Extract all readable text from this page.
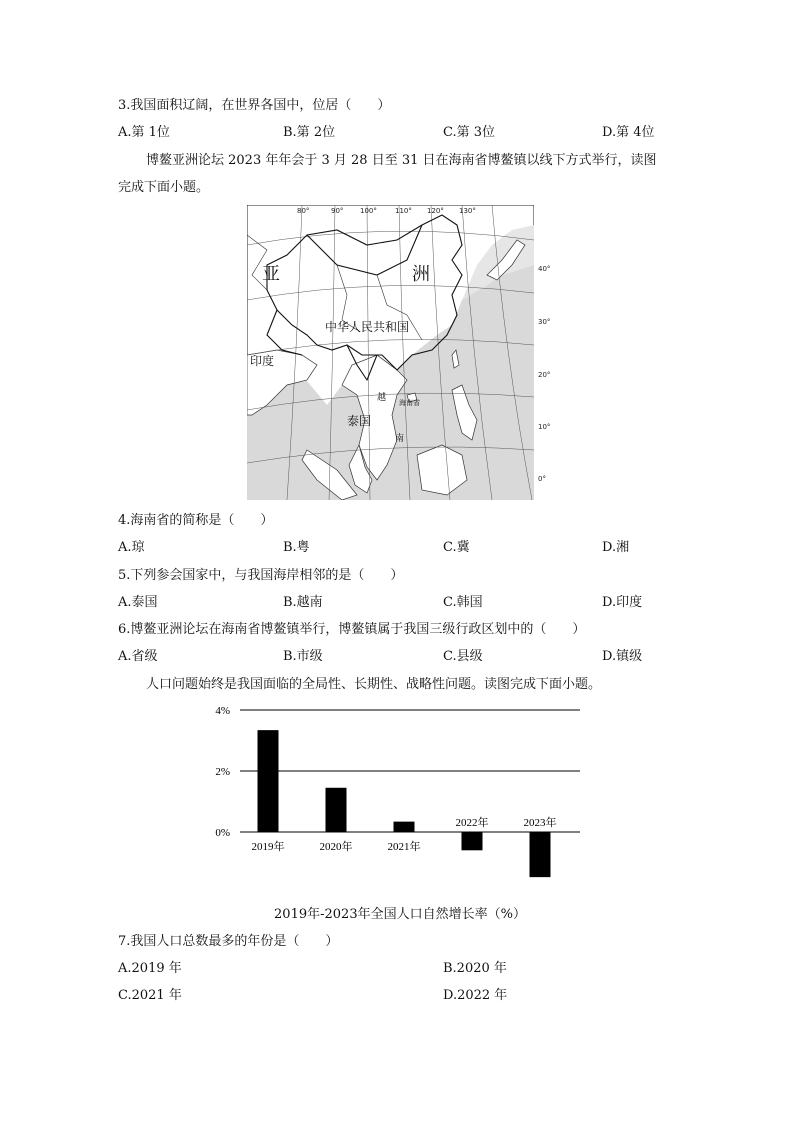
3.我国面积辽阔，在世界各国中，位居（　　）
A.第 1位	B.第 2位	C.第 3位	D.第 4位
博鳌亚洲论坛 2023 年年会于 3 月 28 日至 31 日在海南省博鳌镇以线下方式举行，读图
完成下面小题。
80°	90° 100°	110° 120° 130°
40°
30°
20°
10°
0°
亚	洲
中华人民共和国
印度
越 海南省
泰国
南
4.海南省的简称是（　　）
A.琼	B.粤	C.冀	D.湘
5.下列参会国家中，与我国海岸相邻的是（　　）
A.泰国	B.越南	C.韩国	D.印度
6.博鳌亚洲论坛在海南省博鳌镇举行，博鳌镇属于我国三级行政区划中的（　　）
A.省级	B.市级	C.县级	D.镇级
人口问题始终是我国面临的全局性、长期性、战略性问题。读图完成下面小题。
4%
2%
0%
2019年	2020年	2021年
2022年	2023年
2019年-2023年全国人口自然增长率（%）
7.我国人口总数最多的年份是（　　）
A.2019 年	B.2020 年
C.2021 年	D.2022 年
